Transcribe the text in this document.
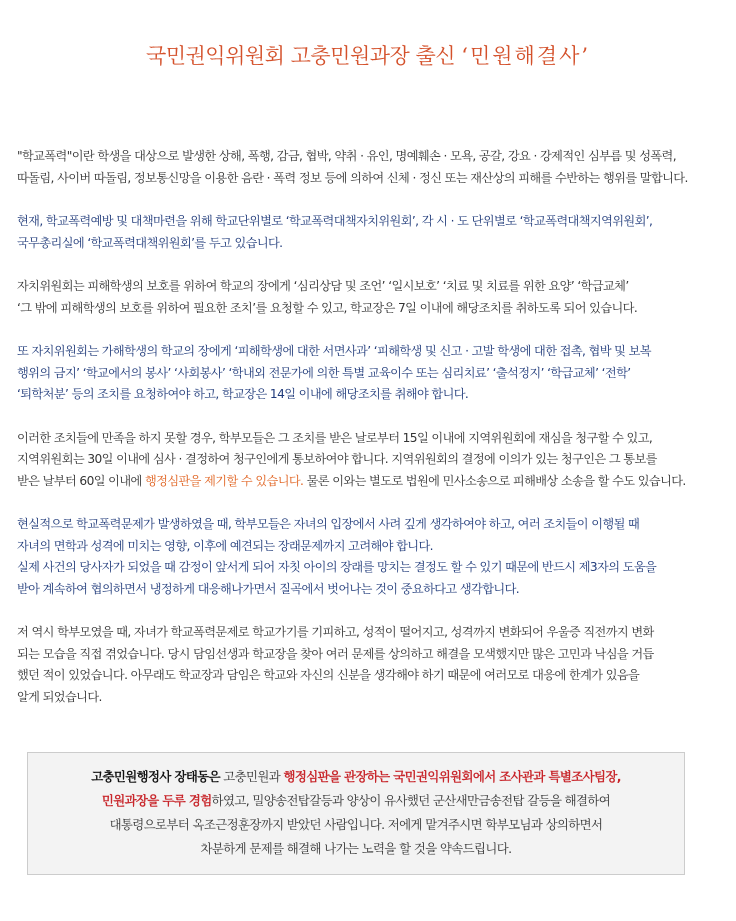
국민권익위원회 고충민원과장 출신 ‘민원해결사’
"학교폭력"이란 학생을 대상으로 발생한 상해, 폭행, 감금, 협박, 약취 · 유인, 명예훼손 · 모욕, 공갈, 강요 · 강제적인 심부름 및 성폭력,
따돌림, 사이버 따돌림, 정보통신망을 이용한 음란 · 폭력 정보 등에 의하여 신체 · 정신 또는 재산상의 피해를 수반하는 행위를 말합니다.
현재, 학교폭력예방 및 대책마련을 위해 학교단위별로 ‘학교폭력대책자치위원회’, 각 시 · 도 단위별로 ‘학교폭력대책지역위원회’,
국무총리실에 ‘학교폭력대책위원회’를 두고 있습니다.
자치위원회는 피해학생의 보호를 위하여 학교의 장에게 ‘심리상담 및 조언’ ‘일시보호’ ‘치료 및 치료를 위한 요양’ ‘학급교체’
‘그 밖에 피해학생의 보호를 위하여 필요한 조치’를 요청할 수 있고, 학교장은 7일 이내에 해당조치를 취하도록 되어 있습니다.
또 자치위원회는 가해학생의 학교의 장에게 ‘피해학생에 대한 서면사과’ ‘피해학생 및 신고 · 고발 학생에 대한 접촉, 협박 및 보복
행위의 금지’ ‘학교에서의 봉사’ ‘사회봉사’ ‘학내외 전문가에 의한 특별 교육이수 또는 심리치료’ ‘출석정지’ ‘학급교체’ ‘전학’
‘퇴학처분’ 등의 조치를 요청하여야 하고, 학교장은 14일 이내에 해당조치를 취해야 합니다.
이러한 조치들에 만족을 하지 못할 경우, 학부모들은 그 조치를 받은 날로부터 15일 이내에 지역위원회에 재심을 청구할 수 있고,
지역위원회는 30일 이내에 심사 · 결정하여 청구인에게 통보하여야 합니다. 지역위원회의 결정에 이의가 있는 청구인은 그 통보를
받은 날부터 60일 이내에 행정심판을 제기할 수 있습니다. 물론 이와는 별도로 법원에 민사소송으로 피해배상 소송을 할 수도 있습니다.
현실적으로 학교폭력문제가 발생하였을 때, 학부모들은 자녀의 입장에서 사려 깊게 생각하여야 하고, 여러 조치들이 이행될 때
자녀의 면학과 성격에 미치는 영향, 이후에 예견되는 장래문제까지 고려해야 합니다.
실제 사건의 당사자가 되었을 때 감정이 앞서게 되어 자칫 아이의 장래를 망치는 결정도 할 수 있기 때문에 반드시 제3자의 도움을
받아 계속하여 협의하면서 냉정하게 대응해나가면서 질곡에서 벗어나는 것이 중요하다고 생각합니다.
저 역시 학부모였을 때, 자녀가 학교폭력문제로 학교가기를 기피하고, 성적이 떨어지고, 성격까지 변화되어 우울증 직전까지 변화
되는 모습을 직접 겪었습니다. 당시 담임선생과 학교장을 찾아 여러 문제를 상의하고 해결을 모색했지만 많은 고민과 낙심을 거듭
했던 적이 있었습니다. 아무래도 학교장과 담임은 학교와 자신의 신분을 생각해야 하기 때문에 여러모로 대응에 한계가 있음을
알게 되었습니다.
고충민원행정사 장태동은 고충민원과 행정심판을 관장하는 국민권익위원회에서 조사관과 특별조사팀장,
민원과장을 두루 경험하였고, 밀양송전탑갈등과 양상이 유사했던 군산새만금송전탑 갈등을 해결하여
대통령으로부터 옥조근정훈장까지 받았던 사람입니다. 저에게 맡겨주시면 학부모님과 상의하면서
차분하게 문제를 해결해 나가는 노력을 할 것을 약속드립니다.
